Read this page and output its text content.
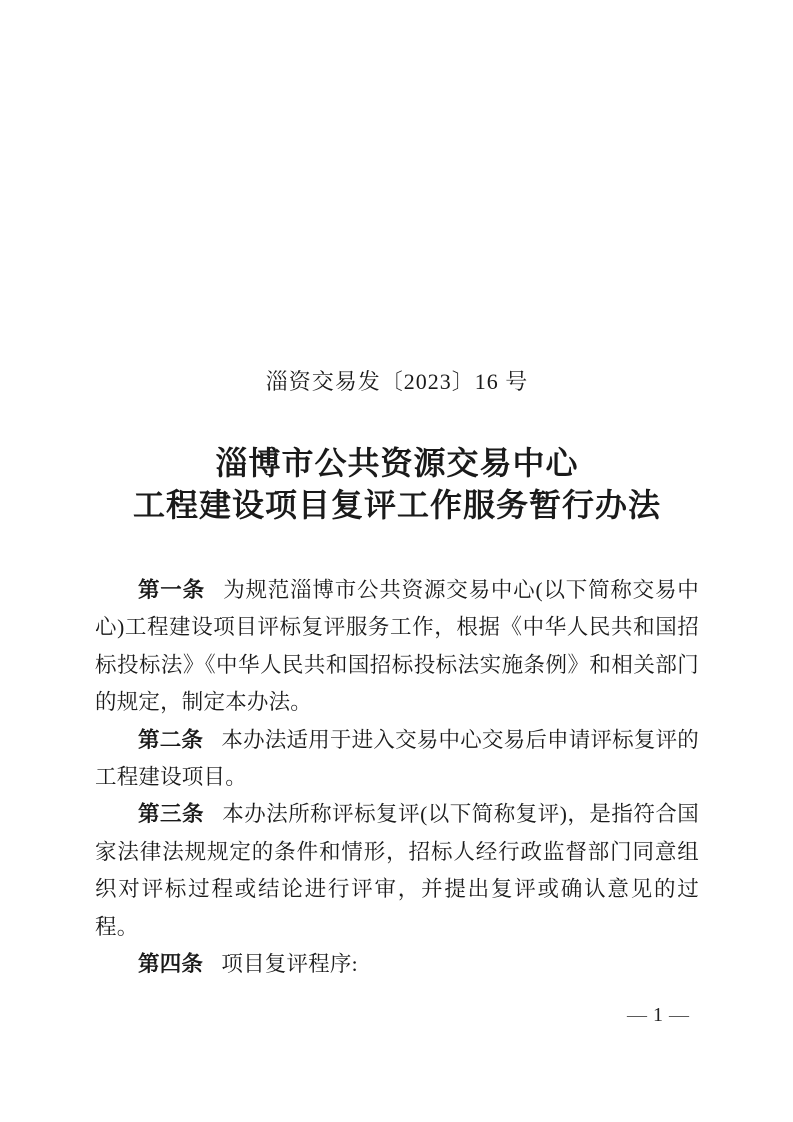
淄资交易发〔2023〕16 号
淄博市公共资源交易中心
工程建设项目复评工作服务暂行办法

第一条 为规范淄博市公共资源交易中心(以下简称交易中心)工程建设项目评标复评服务工作，根据《中华人民共和国招标投标法》《中华人民共和国招标投标法实施条例》和相关部门的规定，制定本办法。

第二条 本办法适用于进入交易中心交易后申请评标复评的工程建设项目。

第三条 本办法所称评标复评(以下简称复评)，是指符合国家法律法规规定的条件和情形，招标人经行政监督部门同意组织对评标过程或结论进行评审，并提出复评或确认意见的过程。

第四条 项目复评程序:

— 1 —
